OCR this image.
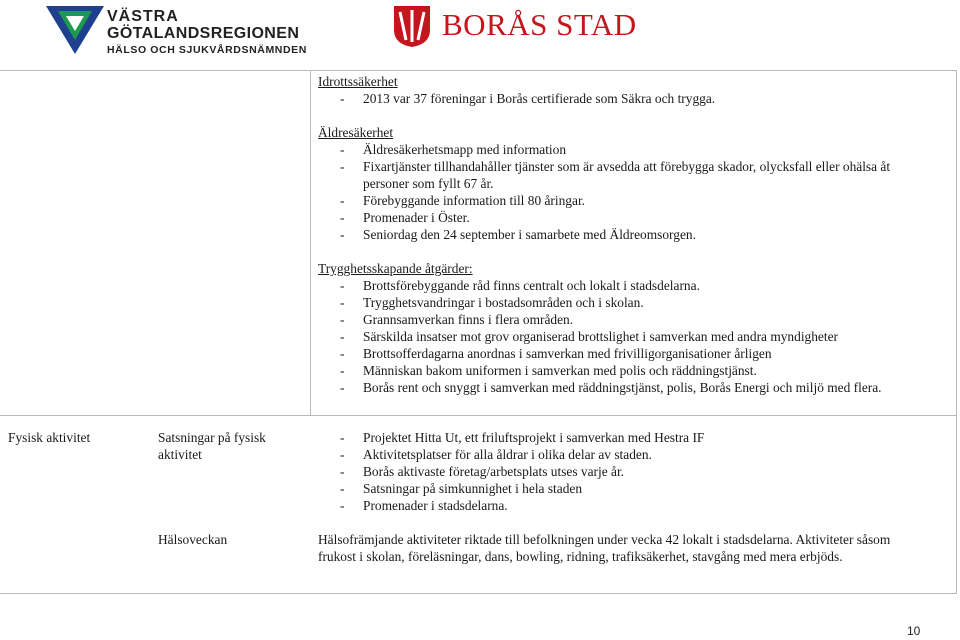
VÄSTRA
GÖTALANDSREGIONEN
HÄLSO OCH SJUKVÅRDSNÄMNDEN
BORÅS STAD
Idrottssäkerhet
- 2013 var 37 föreningar i Borås certifierade som Säkra och trygga.
Äldresäkerhet
- Äldresäkerhetsmapp med information
- Fixartjänster tillhandahåller tjänster som är avsedda att förebygga skador, olycksfall eller ohälsa åt
personer som fyllt 67 år.
- Förebyggande information till 80 åringar.
- Promenader i Öster.
- Seniordag den 24 september i samarbete med Äldreomsorgen.
Trygghetsskapande åtgärder:
- Brottsförebyggande råd finns centralt och lokalt i stadsdelarna.
- Trygghetsvandringar i bostadsområden och i skolan.
- Grannsamverkan finns i flera områden.
- Särskilda insatser mot grov organiserad brottslighet i samverkan med andra myndigheter
- Brottsofferdagarna anordnas i samverkan med frivilligorganisationer årligen
- Människan bakom uniformen i samverkan med polis och räddningstjänst.
- Borås rent och snyggt i samverkan med räddningstjänst, polis, Borås Energi och miljö med flera.
Fysisk aktivitet	Satsningar på fysisk
aktivitet
- Projektet Hitta Ut, ett friluftsprojekt i samverkan med Hestra IF
- Aktivitetsplatser för alla åldrar i olika delar av staden.
- Borås aktivaste företag/arbetsplats utses varje år.
- Satsningar på simkunnighet i hela staden
- Promenader i stadsdelarna.
Hälsoveckan	Hälsofrämjande aktiviteter riktade till befolkningen under vecka 42 lokalt i stadsdelarna. Aktiviteter såsom
frukost i skolan, föreläsningar, dans, bowling, ridning, trafiksäkerhet, stavgång med mera erbjöds.
10
